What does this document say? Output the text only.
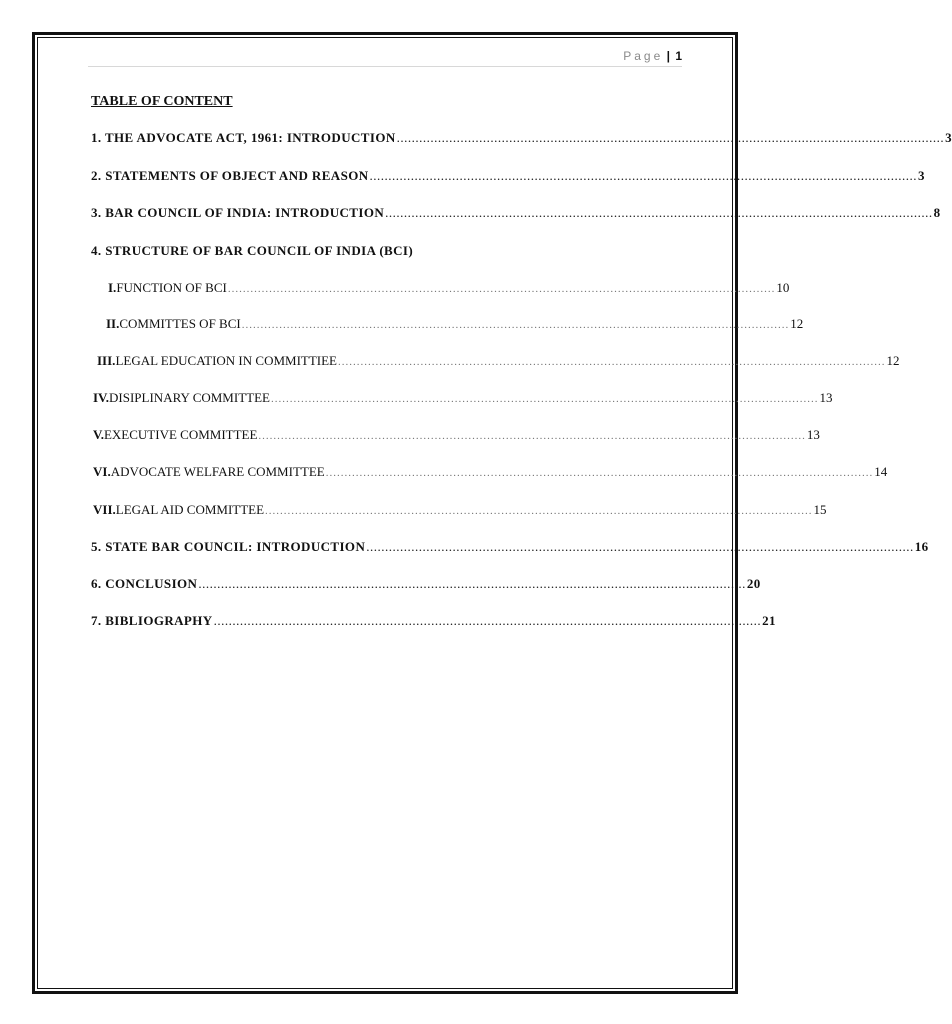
Page | 1
TABLE OF CONTENT
1. THE ADVOCATE ACT, 1961: INTRODUCTION .................................................................................................................................................. 3
2. STATEMENTS OF OBJECT AND REASON .................................................................................................................................................. 3
3. BAR COUNCIL OF INDIA: INTRODUCTION .................................................................................................................................................. 8
4. STRUCTURE OF BAR COUNCIL OF INDIA (BCI)
I.FUNCTION OF BCI .................................................................................................................................................. 10
II.COMMITTES OF BCI .................................................................................................................................................. 12
III.LEGAL EDUCATION IN COMMITTIEE .................................................................................................................................................. 12
IV.DISIPLINARY COMMITTEE .................................................................................................................................................. 13
V.EXECUTIVE COMMITTEE .................................................................................................................................................. 13
VI.ADVOCATE WELFARE COMMITTEE .................................................................................................................................................. 14
VII.LEGAL AID COMMITTEE .................................................................................................................................................. 15
5. STATE BAR COUNCIL: INTRODUCTION .................................................................................................................................................. 16
6. CONCLUSION .................................................................................................................................................. 20
7. BIBLIOGRAPHY .................................................................................................................................................. 21
